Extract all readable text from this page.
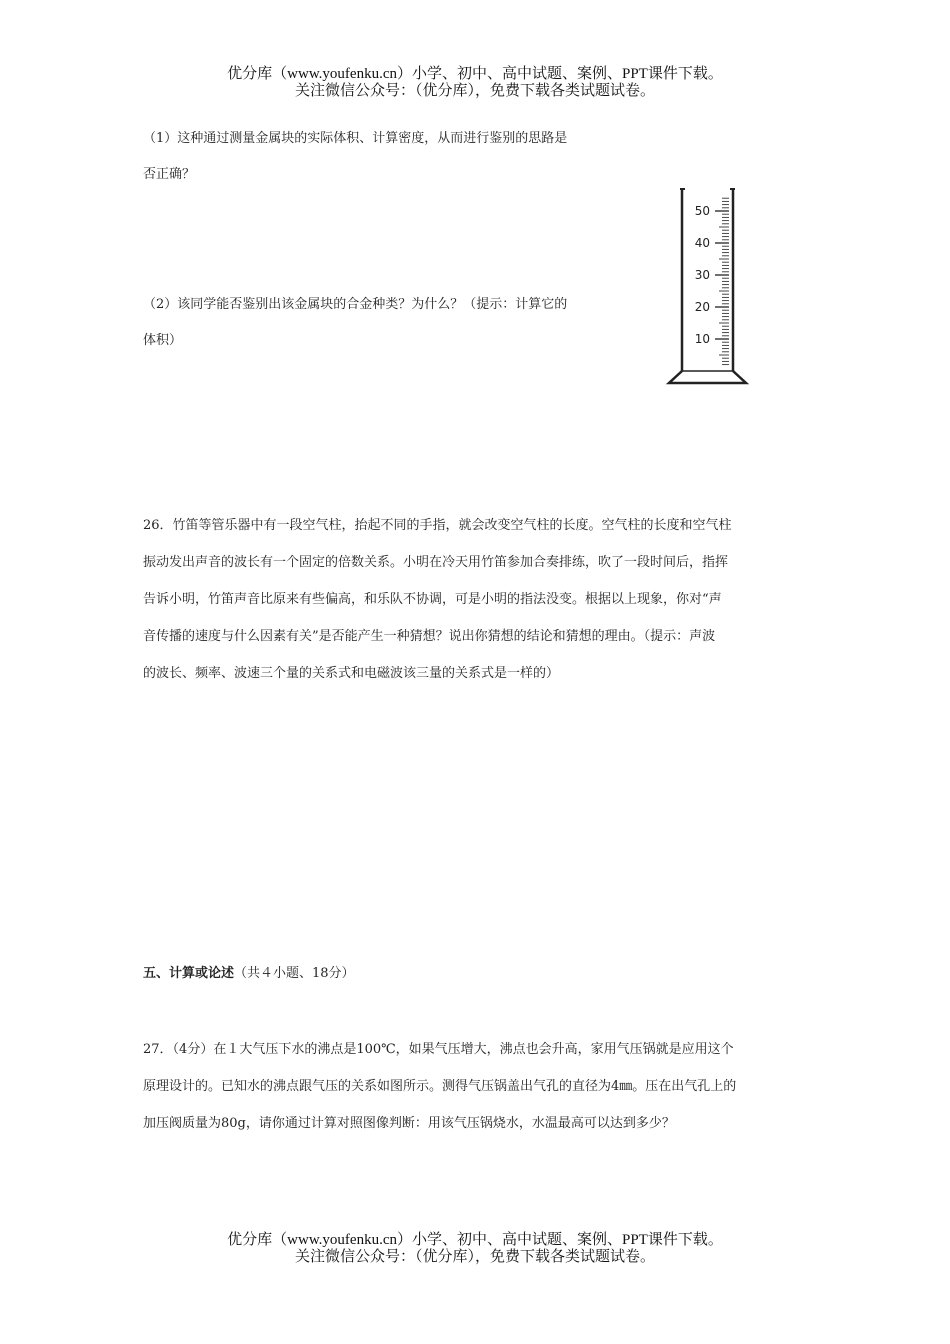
优分库（www.youfenku.cn）小学、初中、高中试题、案例、PPT课件下载。
关注微信公众号：（优分库），免费下载各类试题试卷。
（1）这种通过测量金属块的实际体积、计算密度，从而进行鉴别的思路是
否正确？
（2）该同学能否鉴别出该金属块的合金种类？为什么？（提示：计算它的
体积）
50
40
30
20
10
26．竹笛等管乐器中有一段空气柱，抬起不同的手指，就会改变空气柱的长度。空气柱的长度和空气柱
振动发出声音的波长有一个固定的倍数关系。小明在冷天用竹笛参加合奏排练，吹了一段时间后，指挥
告诉小明，竹笛声音比原来有些偏高，和乐队不协调，可是小明的指法没变。根据以上现象，你对“声
音传播的速度与什么因素有关”是否能产生一种猜想？说出你猜想的结论和猜想的理由。（提示：声波
的波长、频率、波速三个量的关系式和电磁波该三量的关系式是一样的）
五、计算或论述（共４小题、18分）
27．（4分）在１大气压下水的沸点是100℃，如果气压增大，沸点也会升高，家用气压锅就是应用这个
原理设计的。已知水的沸点跟气压的关系如图所示。测得气压锅盖出气孔的直径为4㎜。压在出气孔上的
加压阀质量为80g，请你通过计算对照图像判断：用该气压锅烧水，水温最高可以达到多少？
优分库（www.youfenku.cn）小学、初中、高中试题、案例、PPT课件下载。
关注微信公众号：（优分库），免费下载各类试题试卷。
